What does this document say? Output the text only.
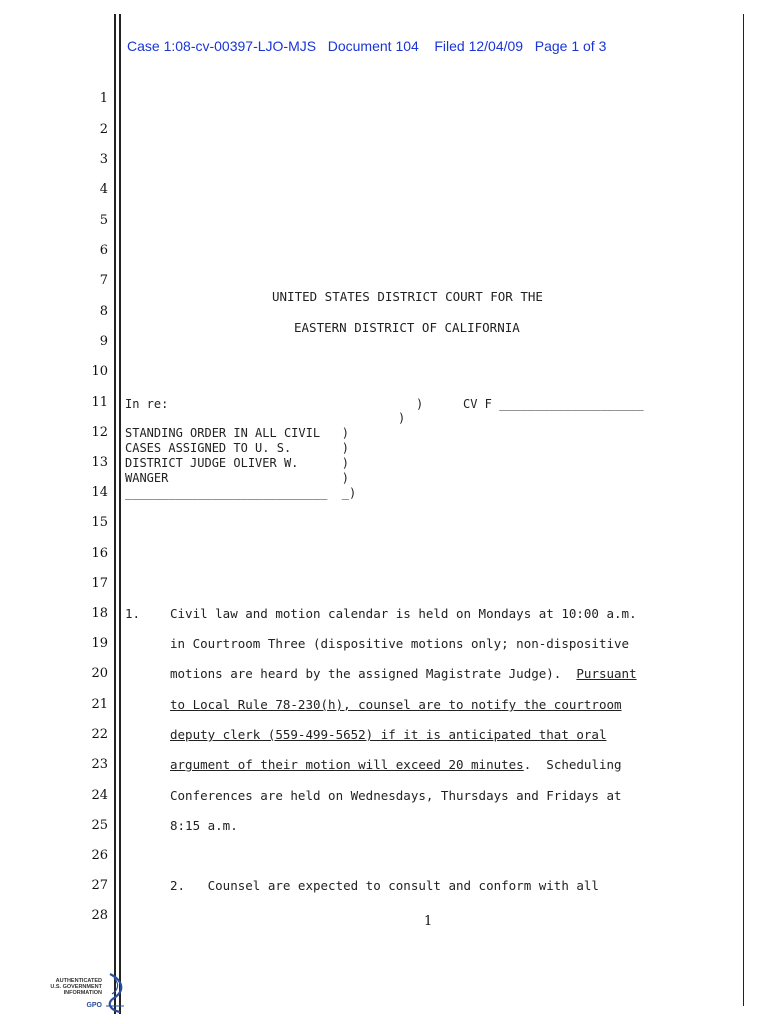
Case 1:08-cv-00397-LJO-MJS   Document 104    Filed 12/04/09   Page 1 of 3
1
2
3
4
5
6
7
8
9
10
11
12
13
14
15
16
17
18
19
20
21
22
23
24
25
26
27
28
UNITED STATES DISTRICT COURT FOR THE
EASTERN DISTRICT OF CALIFORNIA
In re:	)	CV F ____________________
)
STANDING ORDER IN ALL CIVIL   )
CASES ASSIGNED TO U. S.       )
DISTRICT JUDGE OLIVER W.      )
WANGER                        )
____________________________  _)
1. Civil law and motion calendar is held on Mondays at 10:00 a.m.
in Courtroom Three (dispositive motions only; non-dispositive
motions are heard by the assigned Magistrate Judge).  Pursuant
to Local Rule 78-230(h), counsel are to notify the courtroom
deputy clerk (559-499-5652) if it is anticipated that oral
argument of their motion will exceed 20 minutes.  Scheduling
Conferences are held on Wednesdays, Thursdays and Fridays at
8:15 a.m.
2.   Counsel are expected to consult and conform with all
1
AUTHENTICATED
U.S. GOVERNMENT
INFORMATION
GPO
